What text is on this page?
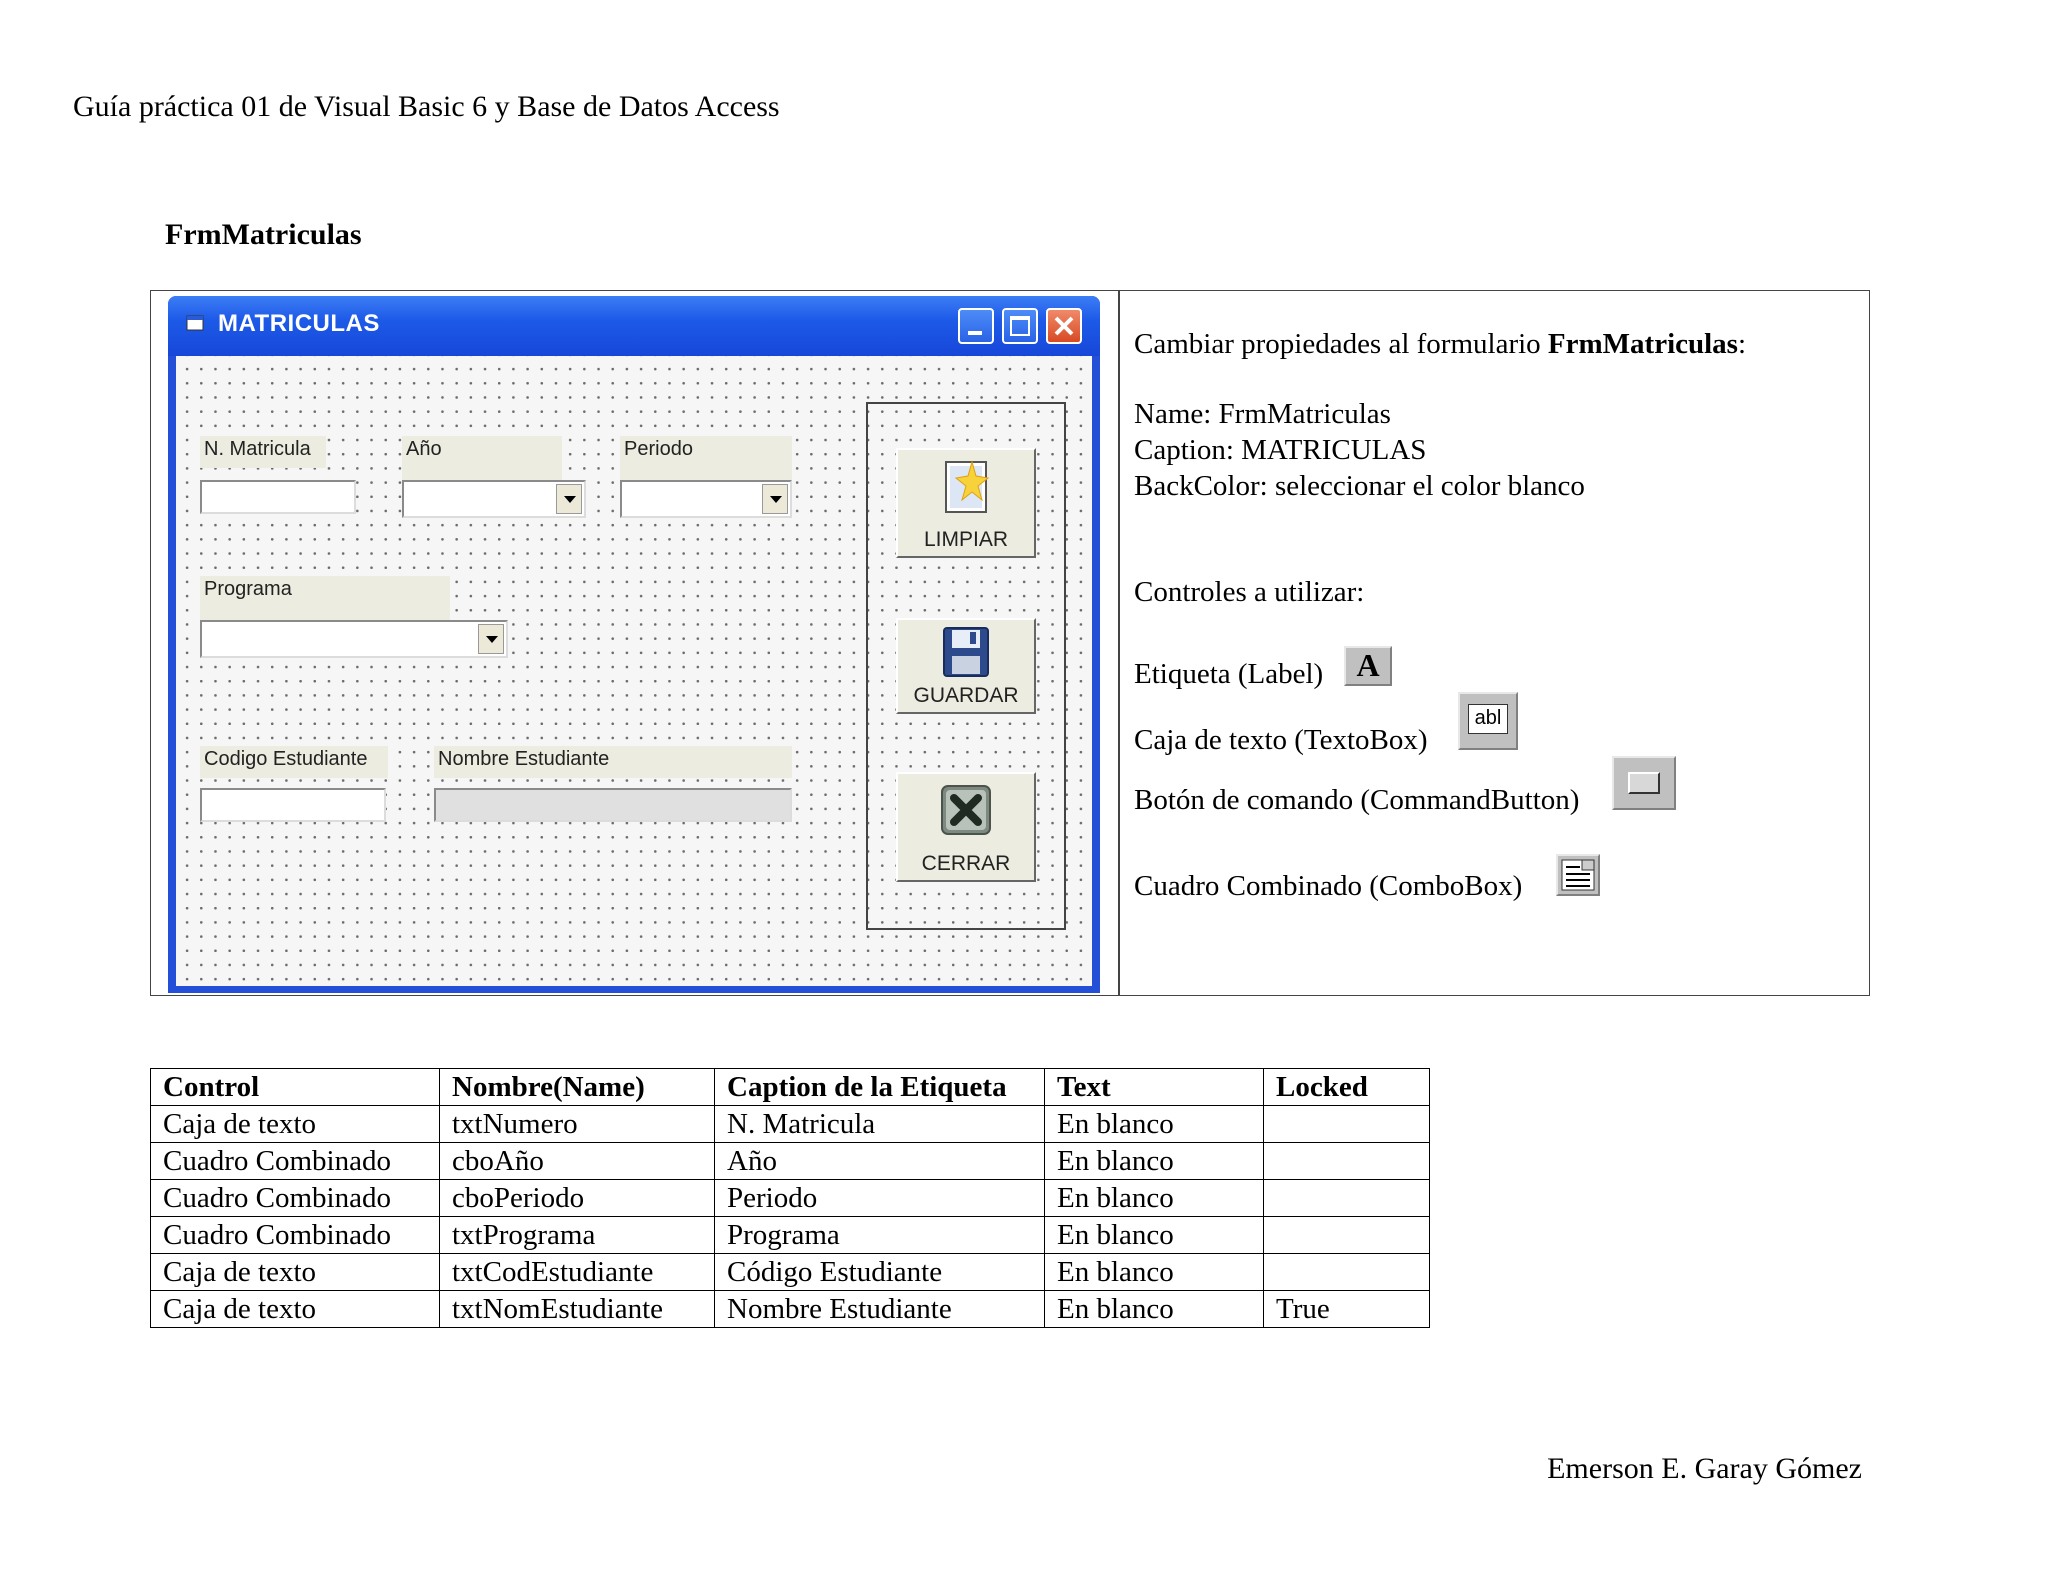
Guía práctica 01 de Visual Basic 6 y Base de Datos Access
FrmMatriculas
MATRICULAS
N. Matricula	Año	Periodo
Programa
Codigo Estudiante	Nombre Estudiante
LIMPIAR
GUARDAR
CERRAR
Cambiar propiedades al formulario FrmMatriculas:
Name: FrmMatriculas
Caption: MATRICULAS
BackColor: seleccionar el color blanco
Controles a utilizar:
Etiqueta (Label)	A
Caja de texto (TextoBox)
abl
Botón de comando (CommandButton)
Cuadro Combinado (ComboBox)
Control	Nombre(Name)	Caption de la Etiqueta	Text	Locked
Caja de texto	txtNumero	N. Matricula	En blanco	
Cuadro Combinado	cboAño	Año	En blanco	
Cuadro Combinado	cboPeriodo	Periodo	En blanco	
Cuadro Combinado	txtPrograma	Programa	En blanco	
Caja de texto	txtCodEstudiante	Código Estudiante	En blanco	
Caja de texto	txtNomEstudiante	Nombre Estudiante	En blanco	True
Emerson E. Garay Gómez
